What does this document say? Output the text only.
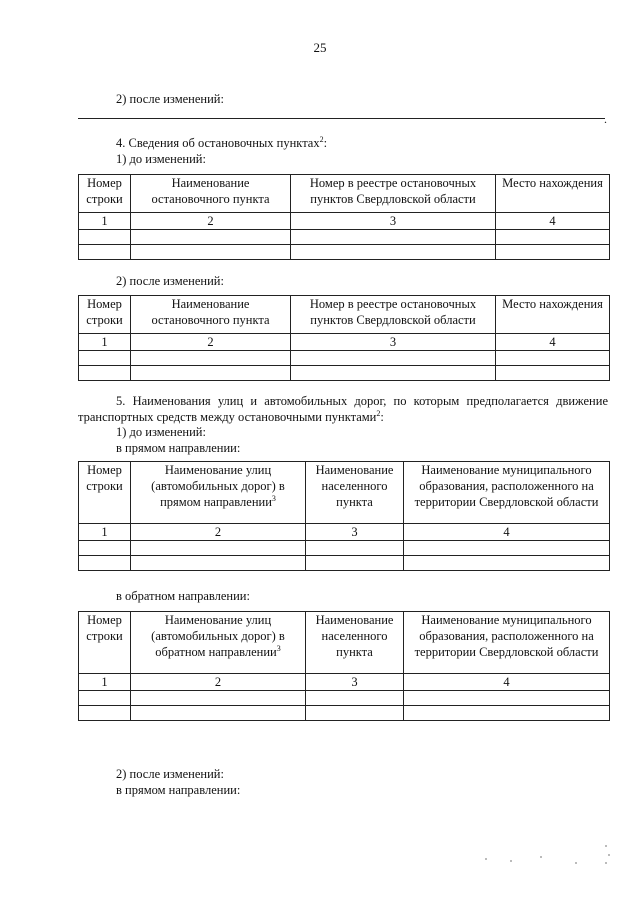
25
2) после изменений:
.
4. Сведения об остановочных пунктах$^2$:
1) до изменений:
Номер строки	Наименование остановочного пункта	Номер в реестре остановочных пунктов Свердловской области	Место нахождения
1	2	3	4

2) после изменений:
Номер строки	Наименование остановочного пункта	Номер в реестре остановочных пунктов Свердловской области	Место нахождения
1	2	3	4

5. Наименования улиц и автомобильных дорог, по которым предполагается движение транспортных средств между остановочными пунктами$^2$:
1) до изменений:
в прямом направлении:
Номер строки	Наименование улиц (автомобильных дорог) в прямом направлении$^3$	Наименование населенного пункта	Наименование муниципального образования, расположенного на территории Свердловской области
1	2	3	4

в обратном направлении:
Номер строки	Наименование улиц (автомобильных дорог) в обратном направлении$^3$	Наименование населенного пункта	Наименование муниципального образования, расположенного на территории Свердловской области
1	2	3	4

2) после изменений:
в прямом направлении:
